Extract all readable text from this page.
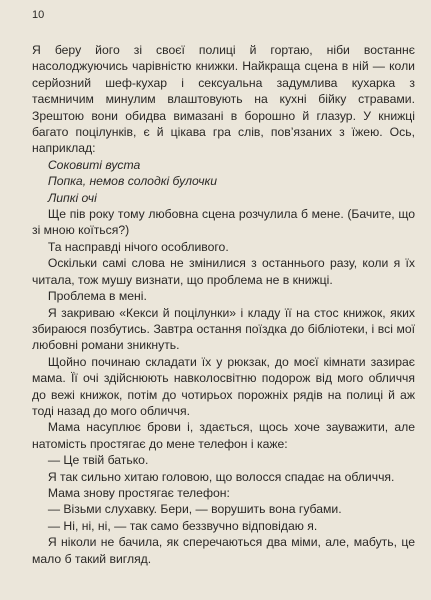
10

Я беру його зі своєї полиці й гортаю, ніби востаннє насолоджуючись чарівністю книжки. Найкраща сцена в ній — коли серйозний шеф-кухар і сексуальна задумлива кухарка з таємничим минулим влаштовують на кухні бійку стравами. Зрештою вони обидва вимазані в борошно й глазур. У книжці багато поцілунків, є й цікава гра слів, пов’язаних з їжею. Ось, наприклад:

Соковиті вуста

Попка, немов солодкі булочки

Липкі очі

Ще пів року тому любовна сцена розчулила б мене. (Бачите, що зі мною коїться?)

Та насправді нічого особливого.

Оскільки самі слова не змінилися з останнього разу, коли я їх читала, тож мушу визнати, що проблема не в книжці.

Проблема в мені.

Я закриваю «Кекси й поцілунки» і кладу її на стос книжок, яких збираюся позбутись. Завтра остання поїздка до бібліотеки, і всі мої любовні романи зникнуть.

Щойно починаю складати їх у рюкзак, до моєї кімнати зазирає мама. Її очі здійснюють навколосвітню подорож від мого обличчя до вежі книжок, потім до чотирьох порожніх рядів на полиці й аж тоді назад до мого обличчя.

Мама насуплює брови і, здається, щось хоче зауважити, але натомість простягає до мене телефон і каже:

— Це твій батько.

Я так сильно хитаю головою, що волосся спадає на обличчя.

Мама знову простягає телефон:

— Візьми слухавку. Бери, — ворушить вона губами.

— Ні, ні, ні, — так само беззвучно відповідаю я.

Я ніколи не бачила, як сперечаються два міми, але, мабуть, це мало б такий вигляд.
